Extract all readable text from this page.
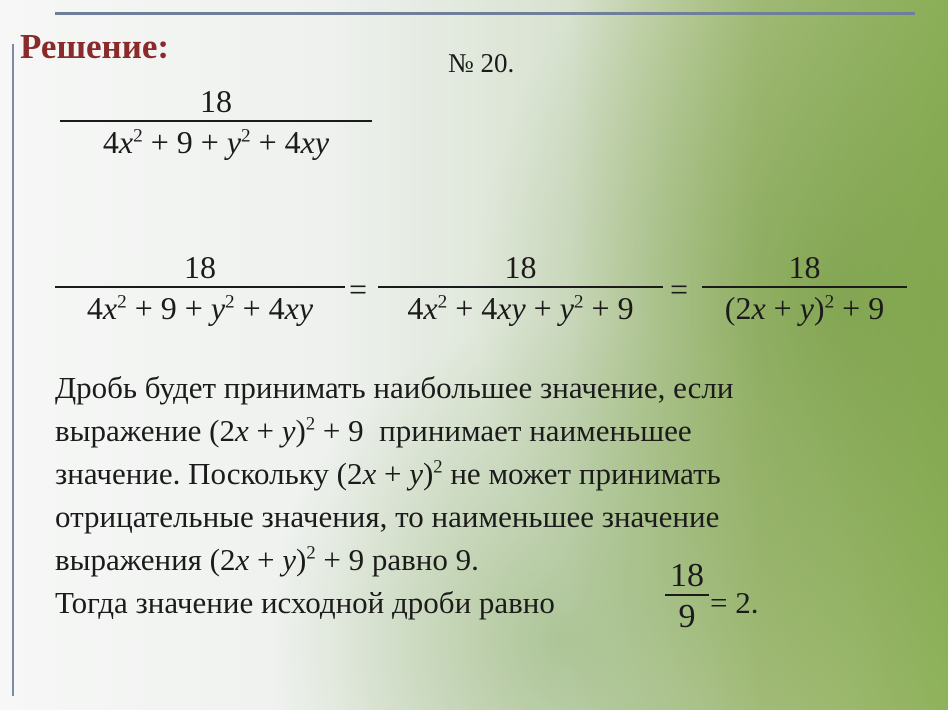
Решение:	№ 20.
18
$4x^2 + 9 + y^2 + 4xy$
18
$4x^2 + 9 + y^2 + 4xy$
=
18
$4x^2 + 4xy + y^2 + 9$
=
18
$(2x + y)^2 + 9$
Дробь будет принимать наибольшее значение, если
выражение $(2x + y)^2 + 9$  принимает наименьшее
значение. Поскольку $(2x + y)^2$ не может принимать
отрицательные значения, то наименьшее значение
выражения $(2x + y)^2 + 9$ равно 9.
Тогда значение исходной дроби равно
18
9 = 2.
